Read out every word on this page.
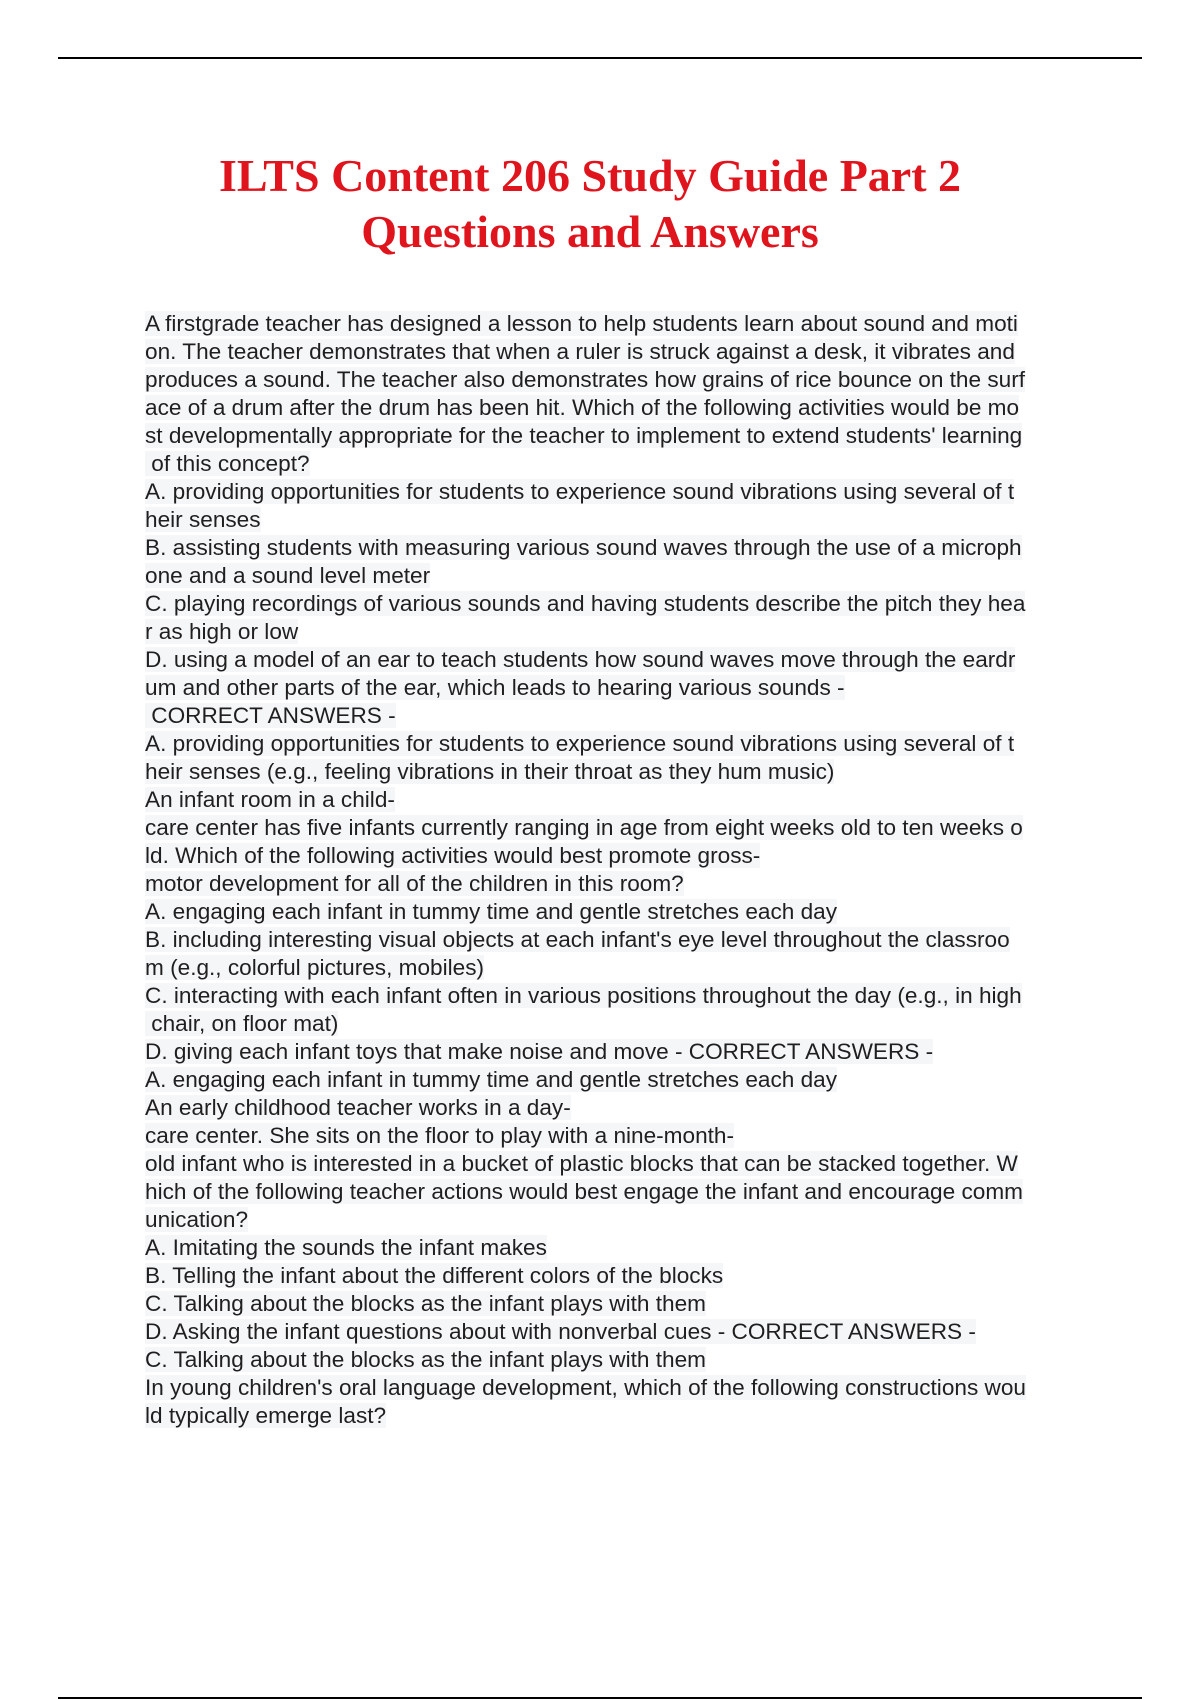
ILTS Content 206 Study Guide Part 2
Questions and Answers
A firstgrade teacher has designed a lesson to help students learn about sound and moti
on. The teacher demonstrates that when a ruler is struck against a desk, it vibrates and
produces a sound. The teacher also demonstrates how grains of rice bounce on the surf
ace of a drum after the drum has been hit. Which of the following activities would be mo
st developmentally appropriate for the teacher to implement to extend students' learning
of this concept?
A. providing opportunities for students to experience sound vibrations using several of t
heir senses
B. assisting students with measuring various sound waves through the use of a microph
one and a sound level meter
C. playing recordings of various sounds and having students describe the pitch they hea
r as high or low
D. using a model of an ear to teach students how sound waves move through the eardr
um and other parts of the ear, which leads to hearing various sounds -
CORRECT ANSWERS -
A. providing opportunities for students to experience sound vibrations using several of t
heir senses (e.g., feeling vibrations in their throat as they hum music)
An infant room in a child-
care center has five infants currently ranging in age from eight weeks old to ten weeks o
ld. Which of the following activities would best promote gross-
motor development for all of the children in this room?
A. engaging each infant in tummy time and gentle stretches each day
B. including interesting visual objects at each infant's eye level throughout the classroo
m (e.g., colorful pictures, mobiles)
C. interacting with each infant often in various positions throughout the day (e.g., in high
chair, on floor mat)
D. giving each infant toys that make noise and move - CORRECT ANSWERS -
A. engaging each infant in tummy time and gentle stretches each day
An early childhood teacher works in a day-
care center. She sits on the floor to play with a nine-month-
old infant who is interested in a bucket of plastic blocks that can be stacked together. W
hich of the following teacher actions would best engage the infant and encourage comm
unication?
A. Imitating the sounds the infant makes
B. Telling the infant about the different colors of the blocks
C. Talking about the blocks as the infant plays with them
D. Asking the infant questions about with nonverbal cues - CORRECT ANSWERS -
C. Talking about the blocks as the infant plays with them
In young children's oral language development, which of the following constructions wou
ld typically emerge last?
